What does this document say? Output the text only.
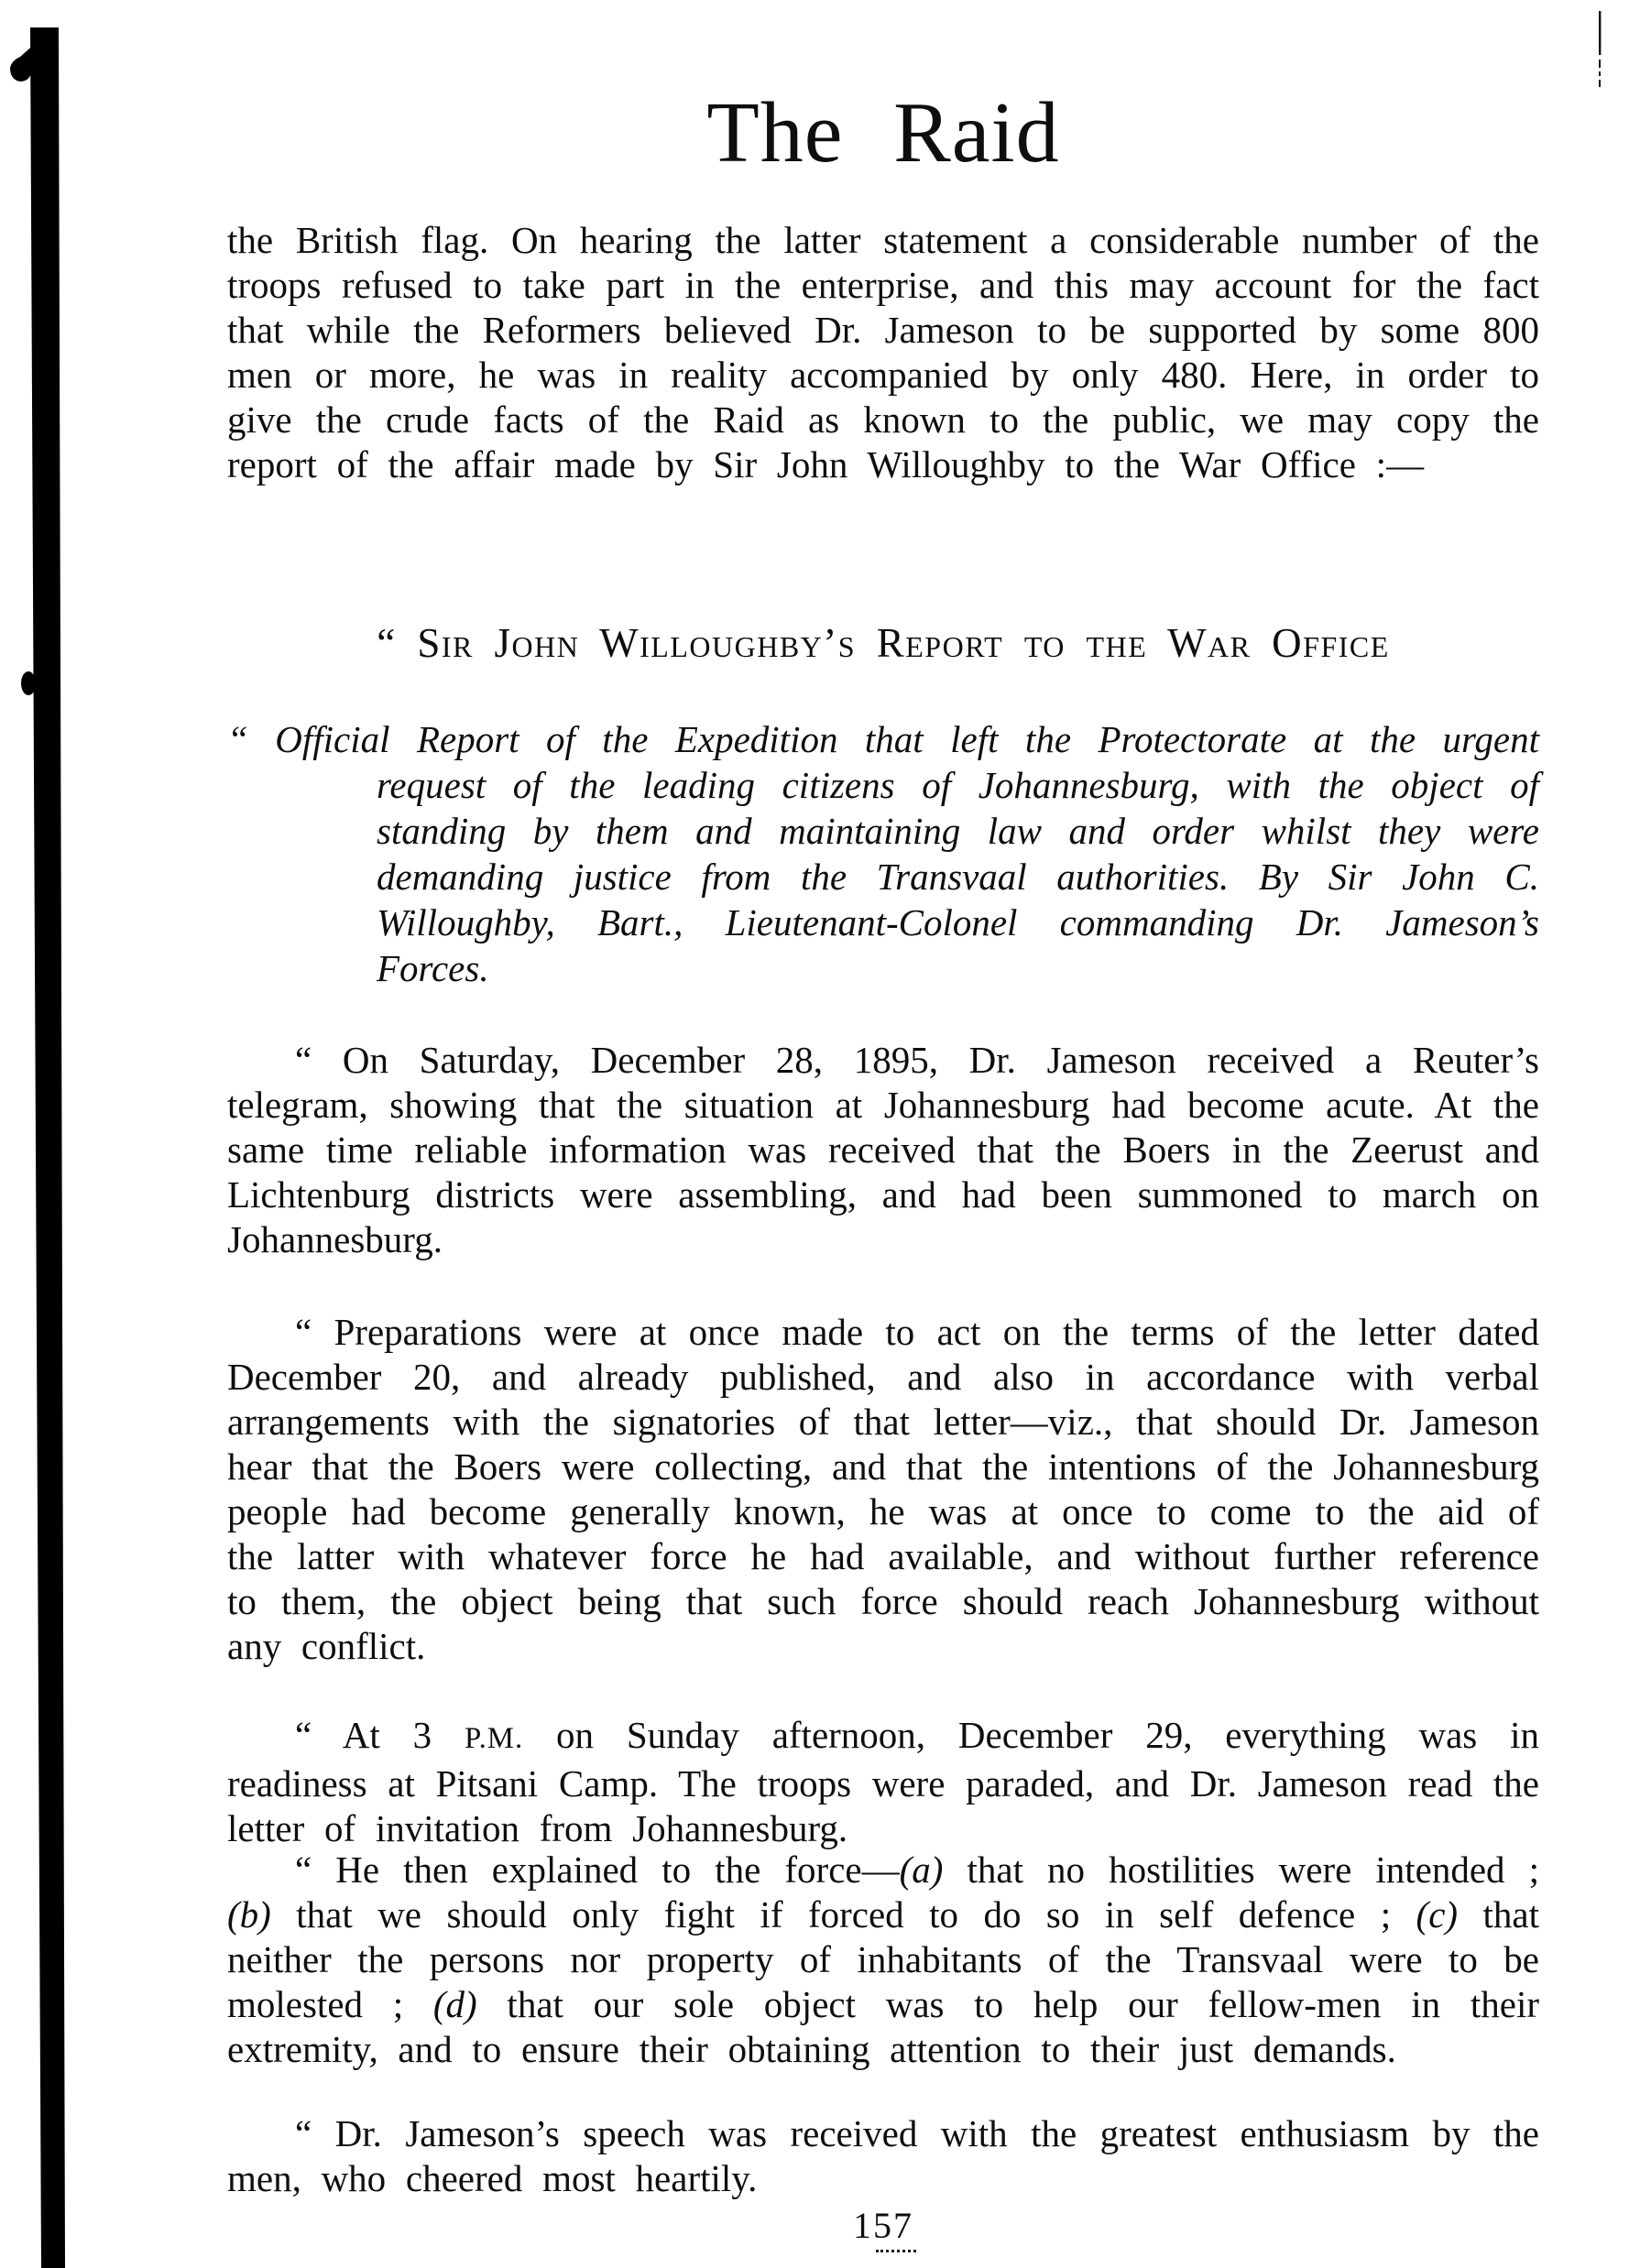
The Raid

the British flag. On hearing the latter statement a considerable number of the troops refused to take part in the enterprise, and this may account for the fact that while the Reformers believed Dr. Jameson to be supported by some 800 men or more, he was in reality accompanied by only 480. Here, in order to give the crude facts of the Raid as known to the public, we may copy the report of the affair made by Sir John Willoughby to the War Office :—

“ Sir John Willoughby’s Report to the War Office

“ Official Report of the Expedition that left the Protectorate at the urgent request of the leading citizens of Johannesburg, with the object of standing by them and maintaining law and order whilst they were demanding justice from the Transvaal authorities. By Sir John C. Willoughby, Bart., Lieutenant-Colonel commanding Dr. Jameson’s Forces.

“ On Saturday, December 28, 1895, Dr. Jameson received a Reuter’s telegram, showing that the situation at Johannesburg had become acute. At the same time reliable information was received that the Boers in the Zeerust and Lichtenburg districts were assembling, and had been summoned to march on Johannesburg.

“ Preparations were at once made to act on the terms of the letter dated December 20, and already published, and also in accordance with verbal arrangements with the signatories of that letter—viz., that should Dr. Jameson hear that the Boers were collecting, and that the intentions of the Johannesburg people had become generally known, he was at once to come to the aid of the latter with whatever force he had available, and without further reference to them, the object being that such force should reach Johannesburg without any conflict.

“ At 3 P.M. on Sunday afternoon, December 29, everything was in readiness at Pitsani Camp. The troops were paraded, and Dr. Jameson read the letter of invitation from Johannesburg.

“ He then explained to the force—(a) that no hostilities were intended ; (b) that we should only fight if forced to do so in self defence ; (c) that neither the persons nor property of inhabitants of the Transvaal were to be molested ; (d) that our sole object was to help our fellow-men in their extremity, and to ensure their obtaining attention to their just demands.

“ Dr. Jameson’s speech was received with the greatest enthusiasm by the men, who cheered most heartily.

157
